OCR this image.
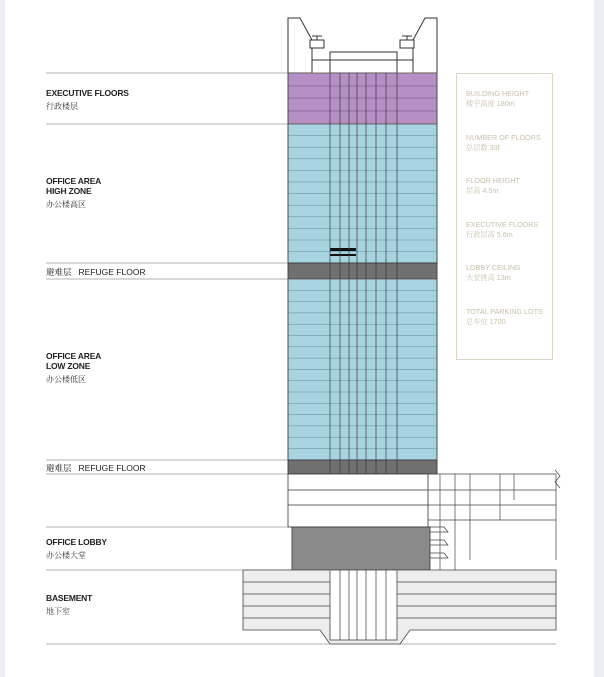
EXECUTIVE FLOORS
行政楼层
OFFICE AREA
HIGH ZONE
办公楼高区
避难层 REFUGE FLOOR
OFFICE AREA
LOW ZONE
办公楼低区
避难层 REFUGE FLOOR
OFFICE LOBBY
办公楼大堂
BASEMENT
地下室
BUILDING HEIGHT
楼宇高度 180m
NUMBER OF FLOORS
总层数 33f
FLOOR HEIGHT
层高 4.5m
EXECUTIVE FLOORS
行政层高 5.6m
LOBBY CEILING
大堂挑高 13m
TOTAL PARKING LOTS
总车位 1700
